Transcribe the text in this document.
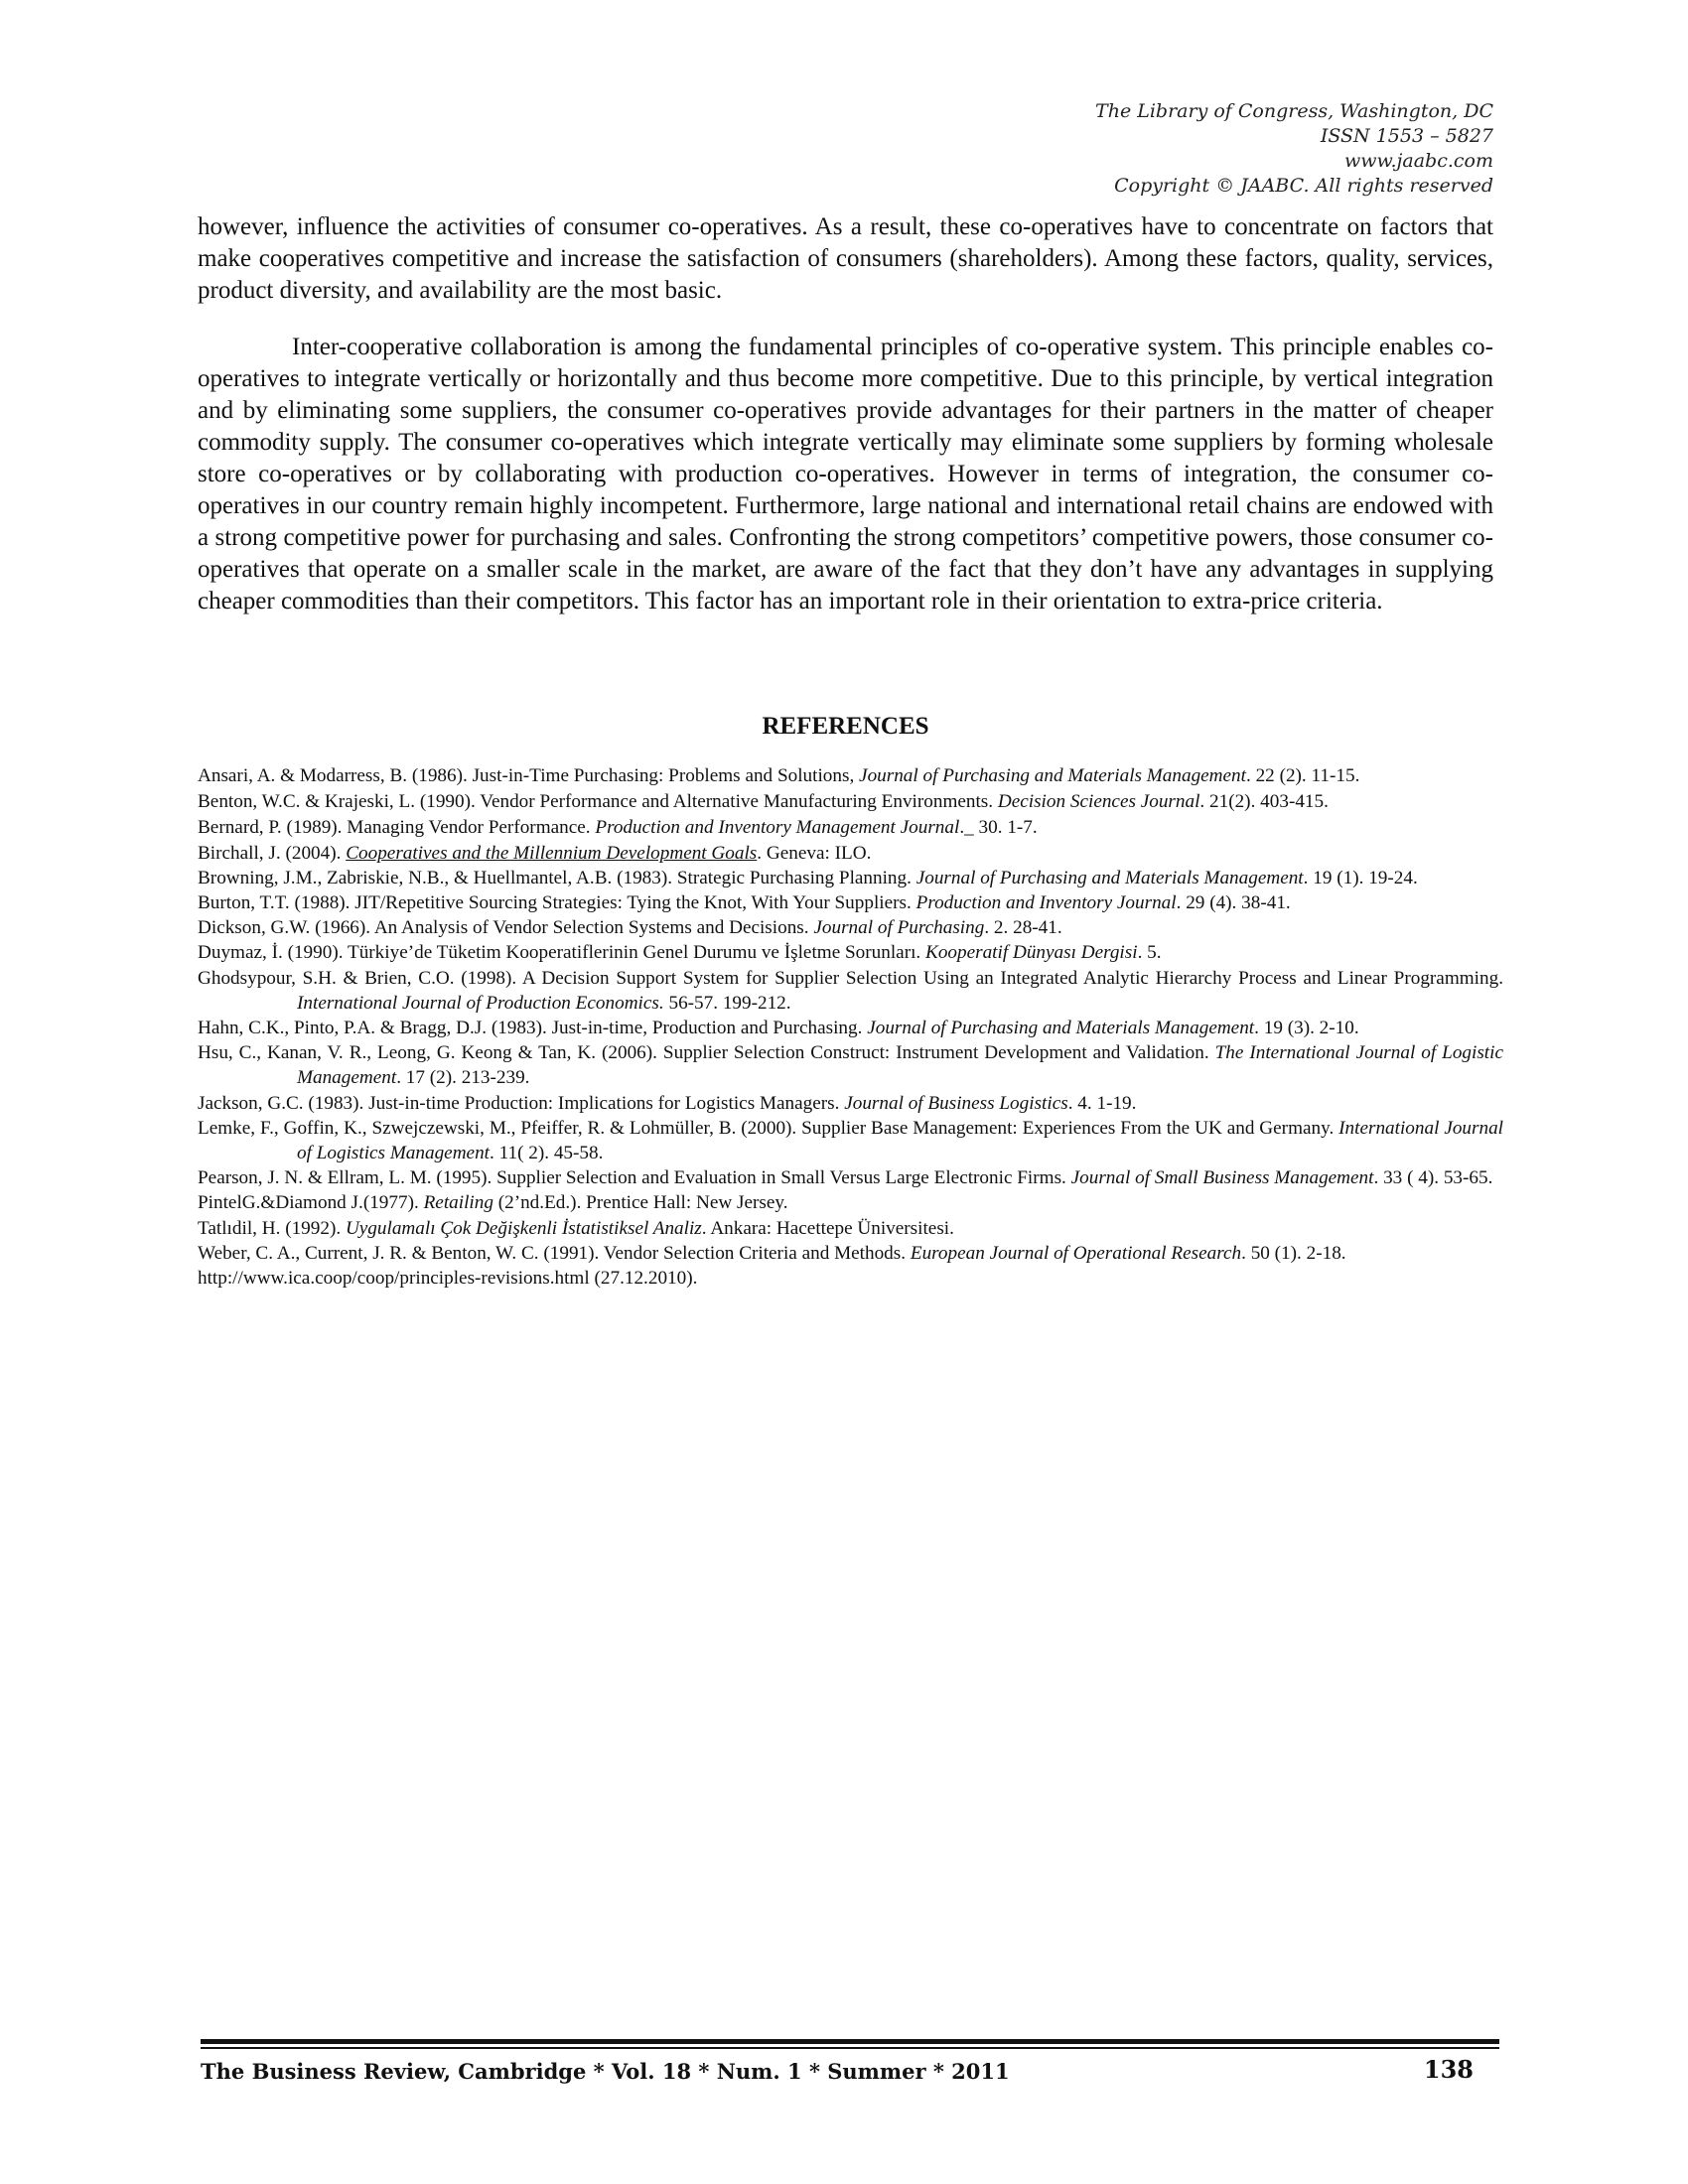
The Library of Congress, Washington, DC
ISSN 1553 – 5827
www.jaabc.com
Copyright © JAABC. All rights reserved

however, influence the activities of consumer co-operatives. As a result, these co-operatives have to concentrate on factors that make cooperatives competitive and increase the satisfaction of consumers (shareholders). Among these factors, quality, services, product diversity, and availability are the most basic.

Inter-cooperative collaboration is among the fundamental principles of co-operative system. This principle enables co-operatives to integrate vertically or horizontally and thus become more competitive. Due to this principle, by vertical integration and by eliminating some suppliers, the consumer co-operatives provide advantages for their partners in the matter of cheaper commodity supply. The consumer co-operatives which integrate vertically may eliminate some suppliers by forming wholesale store co-operatives or by collaborating with production co-operatives. However in terms of integration, the consumer co-operatives in our country remain highly incompetent. Furthermore, large national and international retail chains are endowed with a strong competitive power for purchasing and sales. Confronting the strong competitors’ competitive powers, those consumer co-operatives that operate on a smaller scale in the market, are aware of the fact that they don’t have any advantages in supplying cheaper commodities than their competitors. This factor has an important role in their orientation to extra-price criteria.

REFERENCES
Ansari, A. & Modarress, B. (1986). Just-in-Time Purchasing: Problems and Solutions, Journal of Purchasing and Materials Management. 22 (2). 11-15.
Benton, W.C. & Krajeski, L. (1990). Vendor Performance and Alternative Manufacturing Environments. Decision Sciences Journal. 21(2). 403-415.
Bernard, P. (1989). Managing Vendor Performance. Production and Inventory Management Journal._ 30. 1-7.
Birchall, J. (2004). Cooperatives and the Millennium Development Goals. Geneva: ILO.
Browning, J.M., Zabriskie, N.B., & Huellmantel, A.B. (1983). Strategic Purchasing Planning. Journal of Purchasing and Materials Management. 19 (1). 19-24.
Burton, T.T. (1988). JIT/Repetitive Sourcing Strategies: Tying the Knot, With Your Suppliers. Production and Inventory Journal. 29 (4). 38-41.
Dickson, G.W. (1966). An Analysis of Vendor Selection Systems and Decisions. Journal of Purchasing. 2. 28-41.
Duymaz, İ. (1990). Türkiye’de Tüketim Kooperatiflerinin Genel Durumu ve İşletme Sorunları. Kooperatif Dünyası Dergisi. 5.
Ghodsypour, S.H. & Brien, C.O. (1998). A Decision Support System for Supplier Selection Using an Integrated Analytic Hierarchy Process and Linear Programming. International Journal of Production Economics. 56-57. 199-212.
Hahn, C.K., Pinto, P.A. & Bragg, D.J. (1983). Just-in-time, Production and Purchasing. Journal of Purchasing and Materials Management. 19 (3). 2-10.
Hsu, C., Kanan, V. R., Leong, G. Keong & Tan, K. (2006). Supplier Selection Construct: Instrument Development and Validation. The International Journal of Logistic Management. 17 (2). 213-239.
Jackson, G.C. (1983). Just-in-time Production: Implications for Logistics Managers. Journal of Business Logistics. 4. 1-19.
Lemke, F., Goffin, K., Szwejczewski, M., Pfeiffer, R. & Lohmüller, B. (2000). Supplier Base Management: Experiences From the UK and Germany. International Journal of Logistics Management. 11( 2). 45-58.
Pearson, J. N. & Ellram, L. M. (1995). Supplier Selection and Evaluation in Small Versus Large Electronic Firms. Journal of Small Business Management. 33 ( 4). 53-65.
PintelG.&Diamond J.(1977). Retailing (2’nd.Ed.). Prentice Hall: New Jersey.
Tatlıdil, H. (1992). Uygulamalı Çok Değişkenli İstatistiksel Analiz. Ankara: Hacettepe Üniversitesi.
Weber, C. A., Current, J. R. & Benton, W. C. (1991). Vendor Selection Criteria and Methods. European Journal of Operational Research. 50 (1). 2-18.
http://www.ica.coop/coop/principles-revisions.html (27.12.2010).
The Business Review, Cambridge * Vol. 18 * Num. 1 * Summer * 2011	138
